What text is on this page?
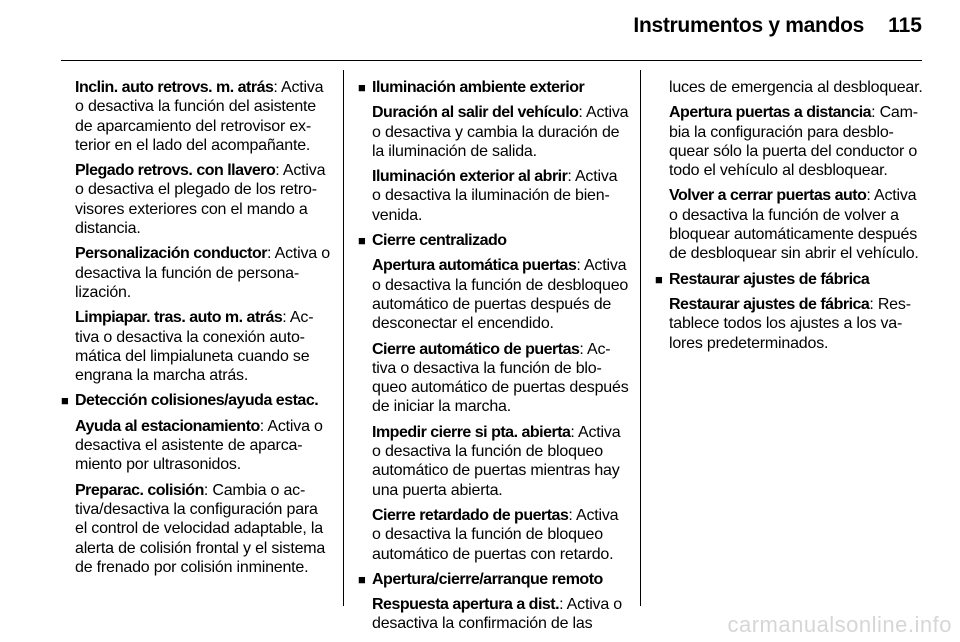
Instrumentos y mandos 115

Inclin. auto retrovs. m. atrás: Activa o desactiva la función del asistente de aparcamiento del retrovisor exterior en el lado del acompañante.

Plegado retrovs. con llavero: Activa o desactiva el plegado de los retrovisores exteriores con el mando a distancia.

Personalización conductor: Activa o desactiva la función de personalización.

Limpiapar. tras. auto m. atrás: Activa o desactiva la conexión automática del limpialuneta cuando se engrana la marcha atrás.

■ Detección colisiones/ayuda estac.

Ayuda al estacionamiento: Activa o desactiva el asistente de aparcamiento por ultrasonidos.

Preparac. colisión: Cambia o activa/desactiva la configuración para el control de velocidad adaptable, la alerta de colisión frontal y el sistema de frenado por colisión inminente.

■ Iluminación ambiente exterior

Duración al salir del vehículo: Activa o desactiva y cambia la duración de la iluminación de salida.

Iluminación exterior al abrir: Activa o desactiva la iluminación de bienvenida.

■ Cierre centralizado

Apertura automática puertas: Activa o desactiva la función de desbloqueo automático de puertas después de desconectar el encendido.

Cierre automático de puertas: Activa o desactiva la función de bloqueo automático de puertas después de iniciar la marcha.

Impedir cierre si pta. abierta: Activa o desactiva la función de bloqueo automático de puertas mientras hay una puerta abierta.

Cierre retardado de puertas: Activa o desactiva la función de bloqueo automático de puertas con retardo.

■ Apertura/cierre/arranque remoto

Respuesta apertura a dist.: Activa o desactiva la confirmación de las

luces de emergencia al desbloquear.

Apertura puertas a distancia: Cambia la configuración para desbloquear sólo la puerta del conductor o todo el vehículo al desbloquear.

Volver a cerrar puertas auto: Activa o desactiva la función de volver a bloquear automáticamente después de desbloquear sin abrir el vehículo.

■ Restaurar ajustes de fábrica

Restaurar ajustes de fábrica: Restablece todos los ajustes a los valores predeterminados.

carmanualsonline.info
